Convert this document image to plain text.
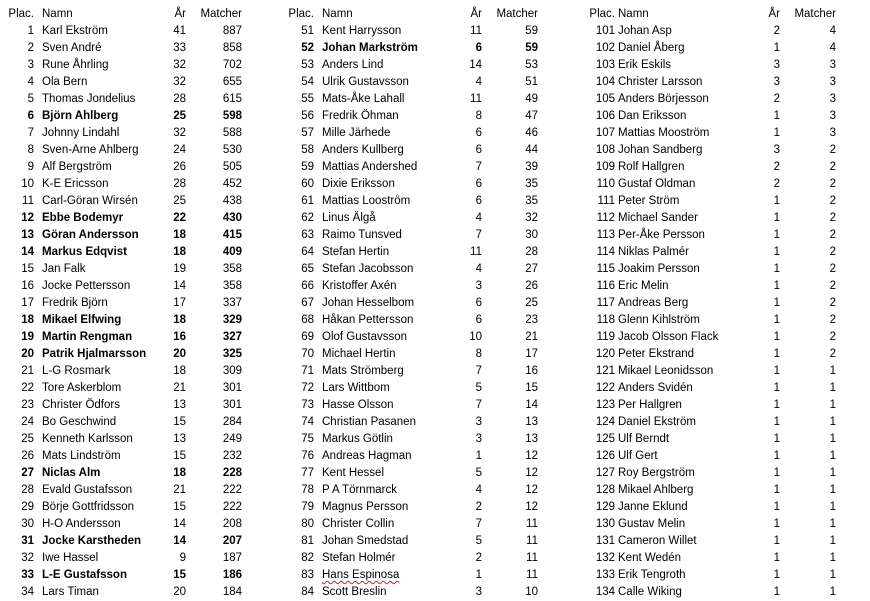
Plac. Namn	År	Matcher
1 Karl Ekström	41	887
2 Sven André	33	858
3 Rune Åhrling	32	702
4 Ola Bern	32	655
5 Thomas Jondelius	28	615
6 Björn Ahlberg	25	598
7 Johnny Lindahl	32	588
8 Sven-Arne Ahlberg	24	530
9 Alf Bergström	26	505
10 K-E Ericsson	28	452
11 Carl-Göran Wirsén	25	438
12 Ebbe Bodemyr	22	430
13 Göran Andersson	18	415
14 Markus Edqvist	18	409
15 Jan Falk	19	358
16 Jocke Pettersson	14	358
17 Fredrik Björn	17	337
18 Mikael Elfwing	18	329
19 Martin Rengman	16	327
20 Patrik Hjalmarsson	20	325
21 L-G Rosmark	18	309
22 Tore Askerblom	21	301
23 Christer Ödfors	13	301
24 Bo Geschwind	15	284
25 Kenneth Karlsson	13	249
26 Mats Lindström	15	232
27 Niclas Alm	18	228
28 Evald Gustafsson	21	222
29 Börje Gottfridsson	15	222
30 H-O Andersson	14	208
31 Jocke Karstheden	14	207
32 Iwe Hassel	9	187
33 L-E Gustafsson	15	186
34 Lars Timan	20	184
Plac. Namn	År	Matcher
51 Kent Harrysson	11	59
52 Johan Markström	6	59
53 Anders Lind	14	53
54 Ulrik Gustavsson	4	51
55 Mats-Åke Lahall	11	49
56 Fredrik Öhman	8	47
57 Mille Järhede	6	46
58 Anders Kullberg	6	44
59 Mattias Andershed	7	39
60 Dixie Eriksson	6	35
61 Mattias Looström	6	35
62 Linus Älgå	4	32
63 Raimo Tunsved	7	30
64 Stefan Hertin	11	28
65 Stefan Jacobsson	4	27
66 Kristoffer Axén	3	26
67 Johan Hesselbom	6	25
68 Håkan Pettersson	6	23
69 Olof Gustavsson	10	21
70 Michael Hertin	8	17
71 Mats Strömberg	7	16
72 Lars Wittbom	5	15
73 Hasse Olsson	7	14
74 Christian Pasanen	3	13
75 Markus Götlin	3	13
76 Andreas Hagman	1	12
77 Kent Hessel	5	12
78 P A Törnmarck	4	12
79 Magnus Persson	2	12
80 Christer Collin	7	11
81 Johan Smedstad	5	11
82 Stefan Holmér	2	11
83 Hans Espinosa	1	11
84 Scott Breslin	3	10
Plac. Namn	År	Matcher
101 Johan Asp	2	4
102 Daniel Åberg	1	4
103 Erik Eskils	3	3
104 Christer Larsson	3	3
105 Anders Börjesson	2	3
106 Dan Eriksson	1	3
107 Mattias Mooström	1	3
108 Johan Sandberg	3	2
109 Rolf Hallgren	2	2
110 Gustaf Oldman	2	2
111 Peter Ström	1	2
112 Michael Sander	1	2
113 Per-Åke Persson	1	2
114 Niklas Palmér	1	2
115 Joakim Persson	1	2
116 Eric Melin	1	2
117 Andreas Berg	1	2
118 Glenn Kihlström	1	2
119 Jacob Olsson Flack	1	2
120 Peter Ekstrand	1	2
121 Mikael Leonidsson	1	1
122 Anders Svidén	1	1
123 Per Hallgren	1	1
124 Daniel Ekström	1	1
125 Ulf Berndt	1	1
126 Ulf Gert	1	1
127 Roy Bergström	1	1
128 Mikael Ahlberg	1	1
129 Janne Eklund	1	1
130 Gustav Melin	1	1
131 Cameron Willet	1	1
132 Kent Wedén	1	1
133 Erik Tengroth	1	1
134 Calle Wiking	1	1
